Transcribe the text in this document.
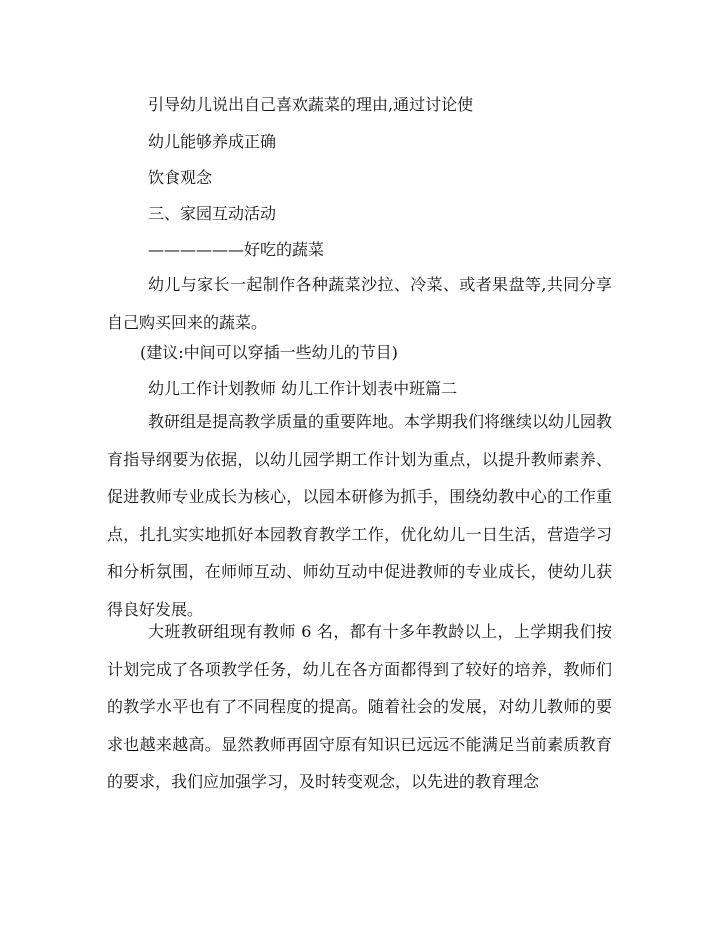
引导幼儿说出自己喜欢蔬菜的理由,通过讨论使

幼儿能够养成正确

饮食观念

三、家园互动活动

——————好吃的蔬菜

幼儿与家长一起制作各种蔬菜沙拉、冷菜、或者果盘等,共同分享自己购买回来的蔬菜。

(建议:中间可以穿插一些幼儿的节目)

幼儿工作计划教师 幼儿工作计划表中班篇二

教研组是提高教学质量的重要阵地。本学期我们将继续以幼儿园教育指导纲要为依据，以幼儿园学期工作计划为重点，以提升教师素养、促进教师专业成长为核心，以园本研修为抓手，围绕幼教中心的工作重点，扎扎实实地抓好本园教育教学工作，优化幼儿一日生活，营造学习和分析氛围，在师师互动、师幼互动中促进教师的专业成长，使幼儿获得良好发展。

大班教研组现有教师 6 名，都有十多年教龄以上，上学期我们按计划完成了各项教学任务，幼儿在各方面都得到了较好的培养，教师们的教学水平也有了不同程度的提高。随着社会的发展，对幼儿教师的要求也越来越高。显然教师再固守原有知识已远远不能满足当前素质教育的要求，我们应加强学习，及时转变观念，以先进的教育理念
